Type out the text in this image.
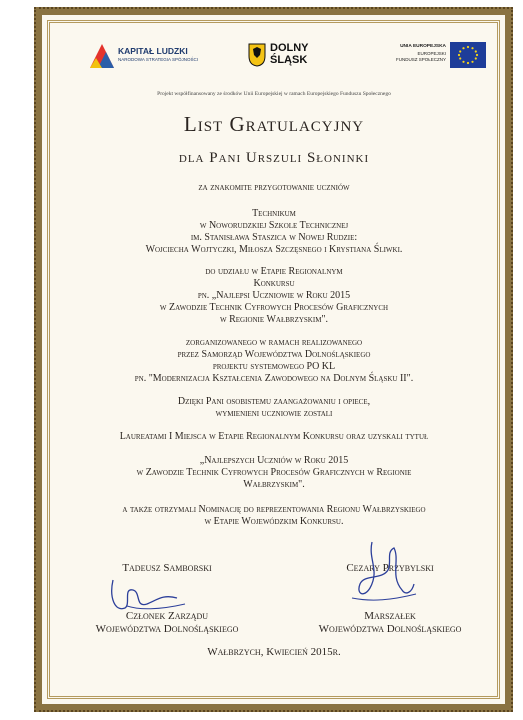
KAPITAŁ LUDZKI
NARODOWA STRATEGIA SPÓJNOŚCI
DOLNY
ŚLĄSK
UNIA EUROPEJSKA
EUROPEJSKI
FUNDUSZ SPOŁECZNY
Projekt współfinansowany ze środków Unii Europejskiej w ramach Europejskiego Funduszu Społecznego
List Gratulacyjny
dla Pani Urszuli Słoninki
za znakomite przygotowanie uczniów
Technikum
w Noworudzkiej Szkole Technicznej
im. Stanisława Staszica w Nowej Rudzie:
Wojciecha Wojtyczki, Miłosza Szczęsnego i Krystiana Śliwki.
do udziału w Etapie Regionalnym
Konkursu
pn. „Najlepsi Uczniowie w Roku 2015
w Zawodzie Technik Cyfrowych Procesów Graficznych
w Regionie Wałbrzyskim".
zorganizowanego w ramach realizowanego
przez Samorząd Województwa Dolnośląskiego
projektu systemowego PO KL
pn. "Modernizacja Kształcenia Zawodowego na Dolnym Śląsku II".
Dzięki Pani osobistemu zaangażowaniu i opiece,
wymienieni uczniowie zostali
Laureatami I Miejsca w Etapie Regionalnym Konkursu oraz uzyskali tytuł
„Najlepszych Uczniów w Roku 2015
w Zawodzie Technik Cyfrowych Procesów Graficznych w Regionie
Wałbrzyskim".
a także otrzymali Nominację do reprezentowania Regionu Wałbrzyskiego
w Etapie Wojewódzkim Konkursu.
Tadeusz Samborski
Członek Zarządu
Województwa Dolnośląskiego
Cezary Przybylski
Marszałek
Województwa Dolnośląskiego
Wałbrzych, Kwiecień 2015r.
